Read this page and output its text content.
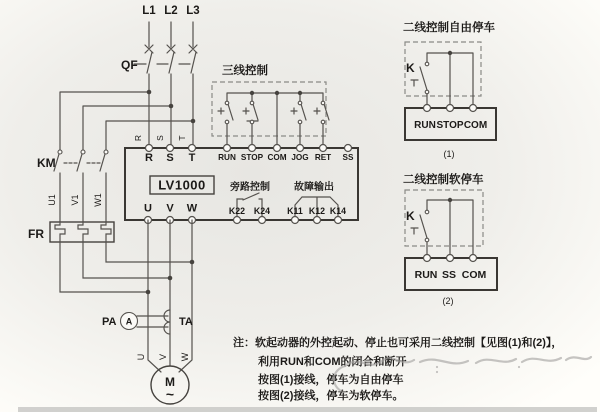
L1 L2 L3
QF
KM
U1 V1 W1
FR
三线控制
R S T
R S T	RUN STOP COM JOG RET SS
LV1000 旁路控制 故障输出
U V W	K22 K24 K11 K12 K14
PA A	TA
U V W
M
~
二线控制自由停车
K
RUN STOP COM
(1)
二线控制软停车
K
RUN SS COM
(2)
注：软起动器的外控起动、停止也可采用二线控制【见图(1)和(2)】，
利用RUN和COM的闭合和断开
按图(1)接线，停车为自由停车
按图(2)接线，停车为软停车。
